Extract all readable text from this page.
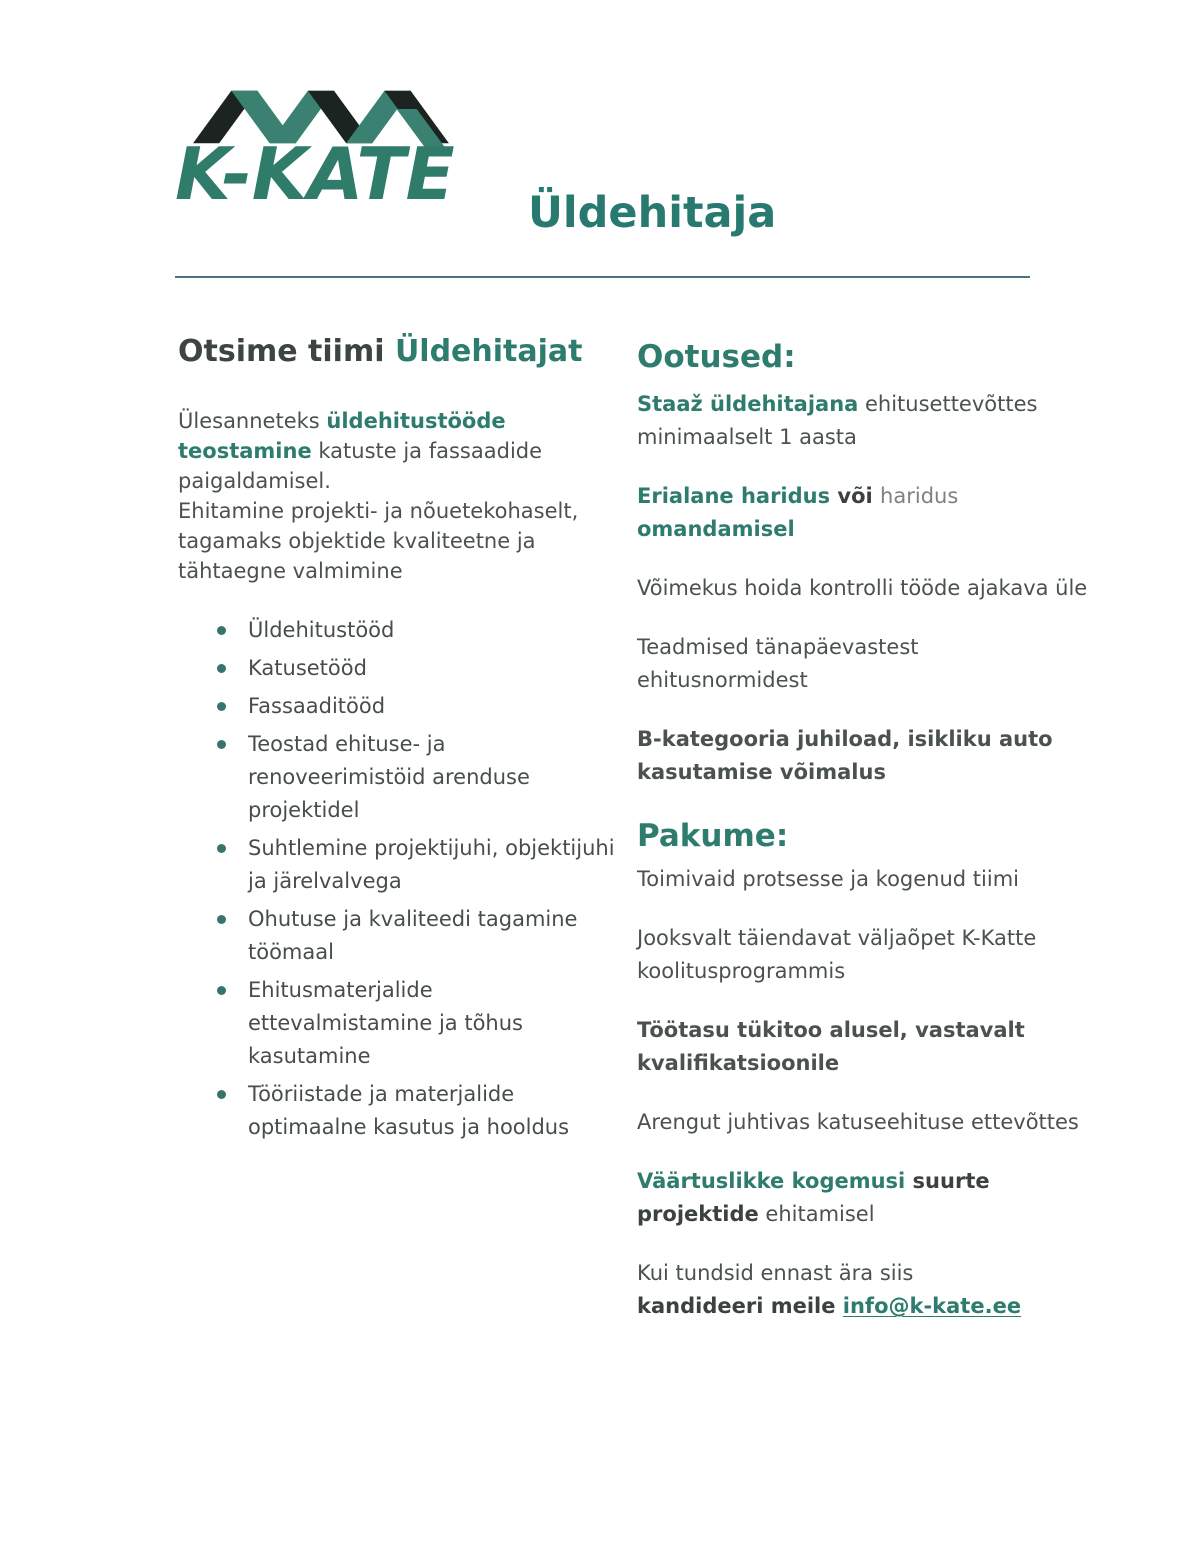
K-KATE	Üldehitaja
Otsime tiimi Üldehitajat

Ülesanneteks üldehitustööde teostamine katuste ja fassaadide paigaldamisel.
Ehitamine projekti- ja nõuetekohaselt, tagamaks objektide kvaliteetne ja tähtaegne valmimine

Üldehitustööd
Katusetööd
Fassaaditööd
Teostad ehituse- ja renoveerimistöid arenduse projektidel
Suhtlemine projektijuhi, objektijuhi ja järelvalvega
Ohutuse ja kvaliteedi tagamine töömaal
Ehitusmaterjalide ettevalmistamine ja tõhus kasutamine
Tööriistade ja materjalide optimaalne kasutus ja hooldus
Ootused:

Staaž üldehitajana ehitusettevõttes minimaalselt 1 aasta

Erialane haridus või haridus omandamisel

Võimekus hoida kontrolli tööde ajakava üle

Teadmised tänapäevastest ehitusnormidest

B-kategooria juhiload, isikliku auto kasutamise võimalus

Pakume:

Toimivaid protsesse ja kogenud tiimi

Jooksvalt täiendavat väljaõpet K-Katte koolitusprogrammis

Töötasu tükitoo alusel, vastavalt kvalifikatsioonile

Arengut juhtivas katuseehituse ettevõttes

Väärtuslikke kogemusi suurte projektide ehitamisel

Kui tundsid ennast ära siis
kandideeri meile info@k-kate.ee
